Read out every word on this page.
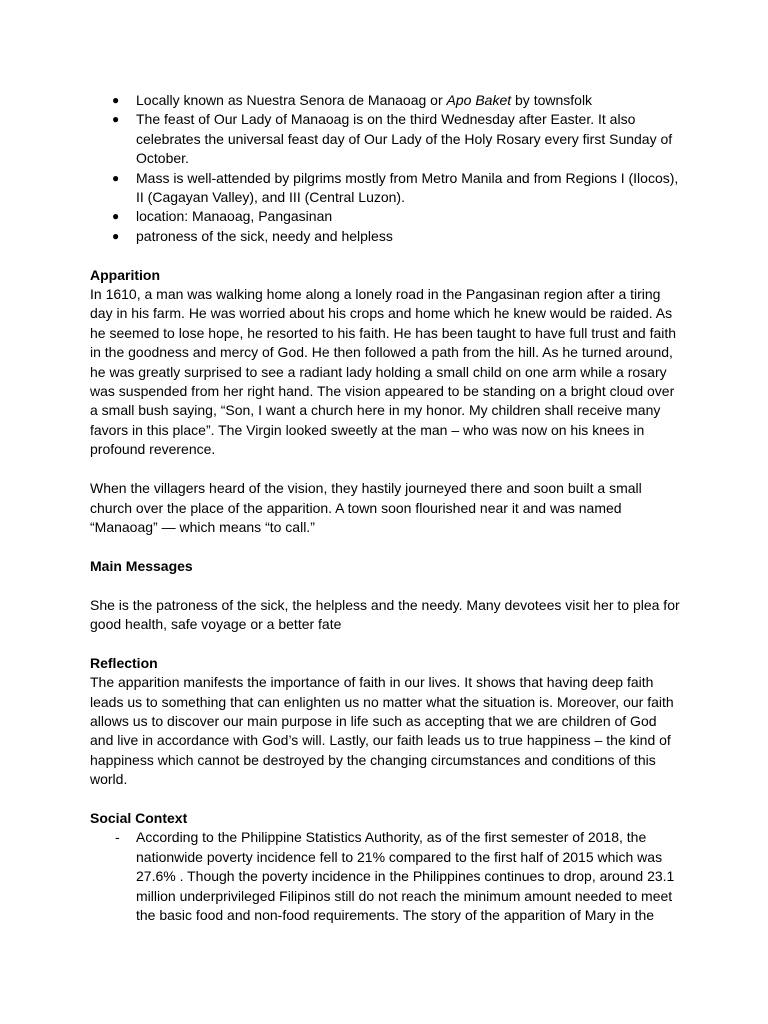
● Locally known as Nuestra Senora de Manaoag or Apo Baket by townsfolk
● The feast of Our Lady of Manaoag is on the third Wednesday after Easter. It also celebrates the universal feast day of Our Lady of the Holy Rosary every first Sunday of October.
● Mass is well-attended by pilgrims mostly from Metro Manila and from Regions I (Ilocos), II (Cagayan Valley), and III (Central Luzon).
● location: Manaoag, Pangasinan
● patroness of the sick, needy and helpless
Apparition

In 1610, a man was walking home along a lonely road in the Pangasinan region after a tiring day in his farm. He was worried about his crops and home which he knew would be raided. As he seemed to lose hope, he resorted to his faith. He has been taught to have full trust and faith in the goodness and mercy of God. He then followed a path from the hill. As he turned around, he was greatly surprised to see a radiant lady holding a small child on one arm while a rosary was suspended from her right hand. The vision appeared to be standing on a bright cloud over a small bush saying, “Son, I want a church here in my honor. My children shall receive many favors in this place”. The Virgin looked sweetly at the man – who was now on his knees in profound reverence.

When the villagers heard of the vision, they hastily journeyed there and soon built a small church over the place of the apparition. A town soon flourished near it and was named “Manaoag” — which means “to call.”

Main Messages

She is the patroness of the sick, the helpless and the needy. Many devotees visit her to plea for good health, safe voyage or a better fate

Reflection

The apparition manifests the importance of faith in our lives. It shows that having deep faith leads us to something that can enlighten us no matter what the situation is. Moreover, our faith allows us to discover our main purpose in life such as accepting that we are children of God and live in accordance with God’s will. Lastly, our faith leads us to true happiness – the kind of happiness which cannot be destroyed by the changing circumstances and conditions of this world.

Social Context
- According to the Philippine Statistics Authority, as of the first semester of 2018, the nationwide poverty incidence fell to 21% compared to the first half of 2015 which was 27.6% . Though the poverty incidence in the Philippines continues to drop, around 23.1 million underprivileged Filipinos still do not reach the minimum amount needed to meet the basic food and non-food requirements. The story of the apparition of Mary in the
